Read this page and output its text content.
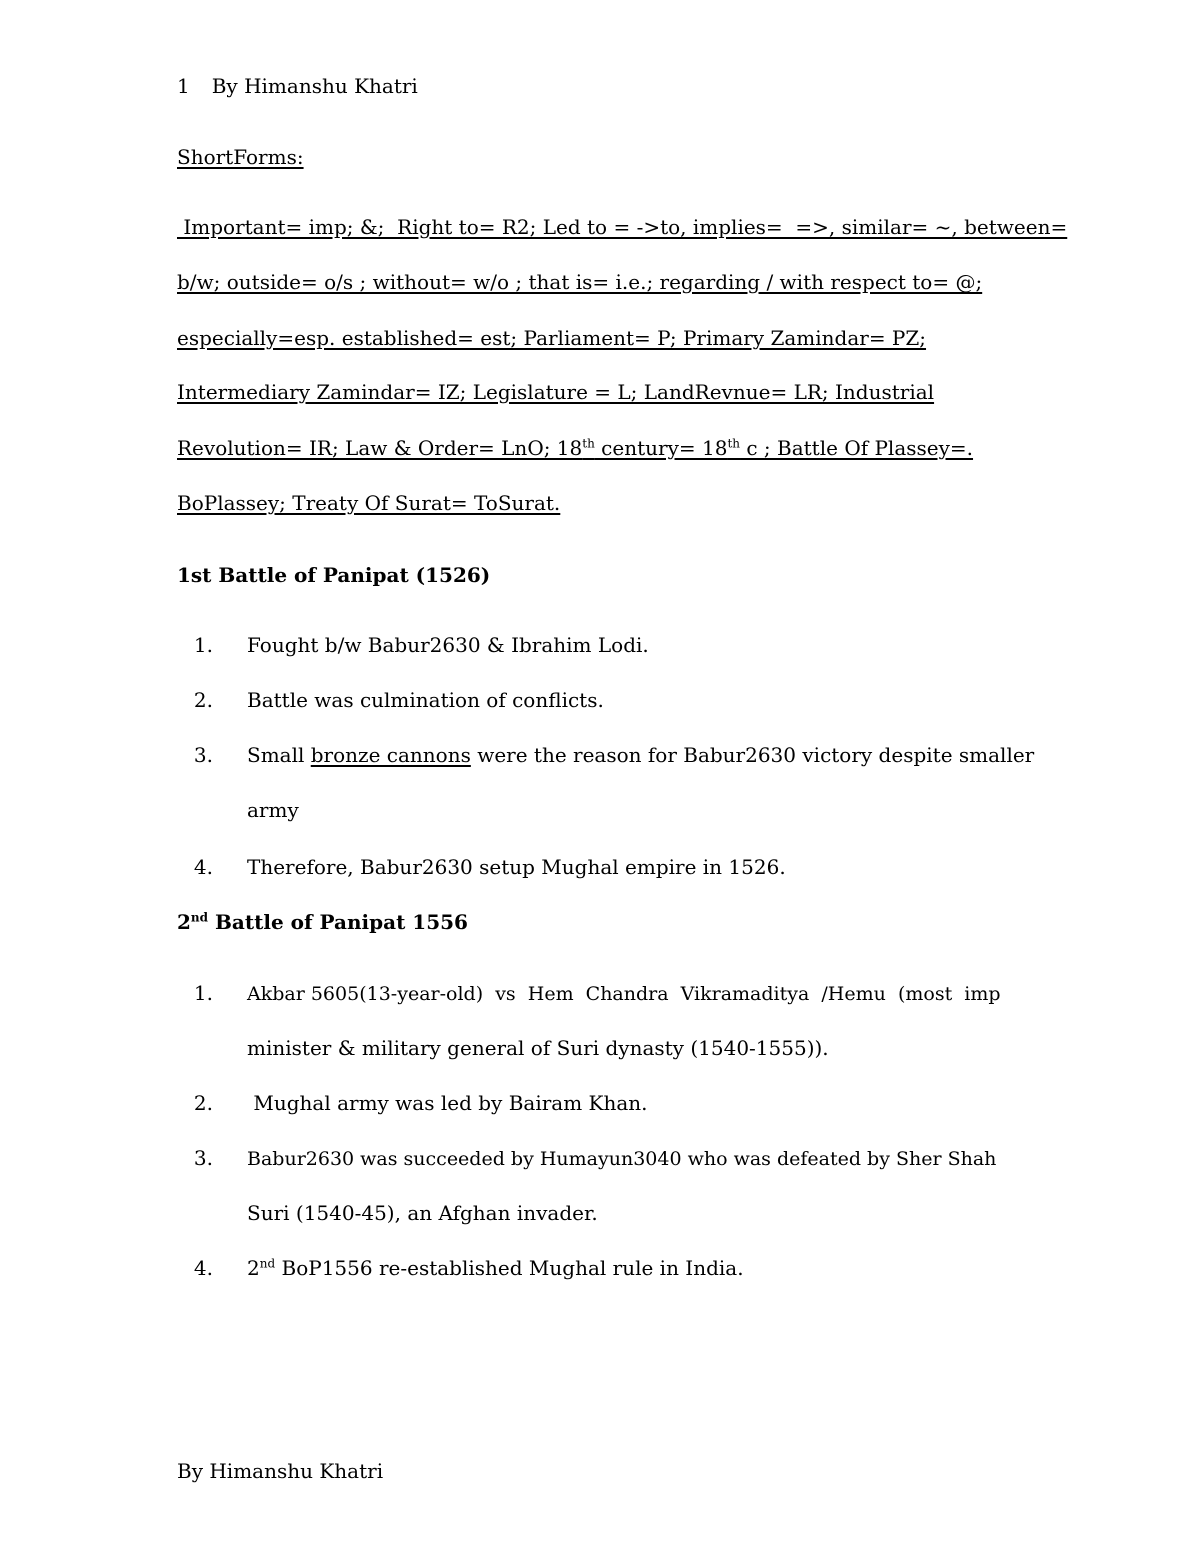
1 By Himanshu Khatri
ShortForms:
Important= imp; &;  Right to= R2; Led to = ->to, implies=  =>, similar= ~, between=
b/w; outside= o/s ; without= w/o ; that is= i.e.; regarding / with respect to= @;
especially=esp. established= est; Parliament= P; Primary Zamindar= PZ;
Intermediary Zamindar= IZ; Legislature = L; LandRevnue= LR; Industrial
Revolution= IR; Law & Order= LnO; 18th century= 18th c ; Battle Of Plassey=.
BoPlassey; Treaty Of Surat= ToSurat.
1st Battle of Panipat (1526)
1. Fought b/w Babur2630 & Ibrahim Lodi.
2. Battle was culmination of conflicts.
3. Small bronze cannons were the reason for Babur2630 victory despite smaller
army
4. Therefore, Babur2630 setup Mughal empire in 1526.
2nd Battle of Panipat 1556
1. Akbar 5605(13-year-old)  vs  Hem  Chandra  Vikramaditya  /Hemu  (most  imp
minister & military general of Suri dynasty (1540-1555)).
2. Mughal army was led by Bairam Khan.
3. Babur2630 was succeeded by Humayun3040 who was defeated by Sher Shah
Suri (1540-45), an Afghan invader.
4. 2nd BoP1556 re-established Mughal rule in India.
By Himanshu Khatri
